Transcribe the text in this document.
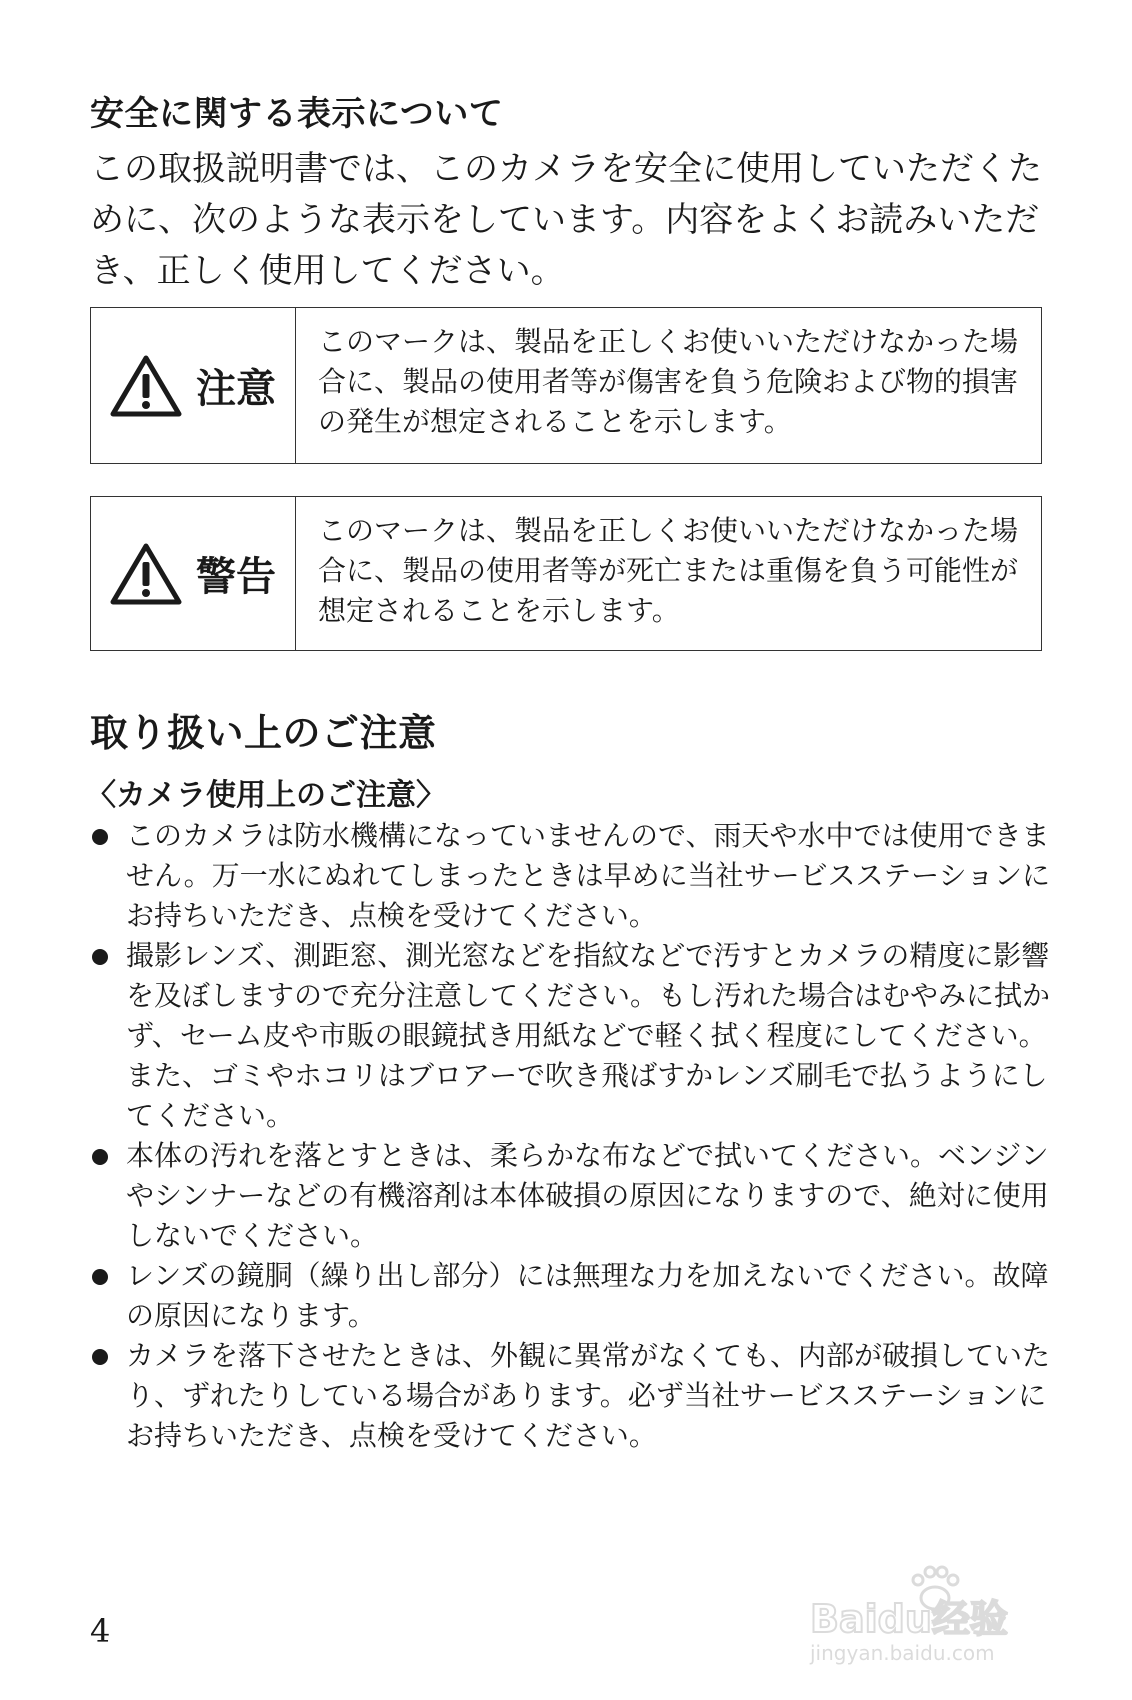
安全に関する表示について

この取扱説明書では、このカメラを安全に使用していただくために、次のような表示をしています。内容をよくお読みいただき、正しく使用してください。

注意
このマークは、製品を正しくお使いいただけなかった場合に、製品の使用者等が傷害を負う危険および物的損害の発生が想定されることを示します。
警告
このマークは、製品を正しくお使いいただけなかった場合に、製品の使用者等が死亡または重傷を負う可能性が想定されることを示します。
取り扱い上のご注意
〈カメラ使用上のご注意〉
このカメラは防水機構になっていませんので、雨天や水中では使用できません。万一水にぬれてしまったときは早めに当社サービスステーションにお持ちいただき、点検を受けてください。
撮影レンズ、測距窓、測光窓などを指紋などで汚すとカメラの精度に影響を及ぼしますので充分注意してください。もし汚れた場合はむやみに拭かず、セーム皮や市販の眼鏡拭き用紙などで軽く拭く程度にしてください。また、ゴミやホコリはブロアーで吹き飛ばすかレンズ刷毛で払うようにしてください。
本体の汚れを落とすときは、柔らかな布などで拭いてください。ベンジンやシンナーなどの有機溶剤は本体破損の原因になりますので、絶対に使用しないでください。
レンズの鏡胴（繰り出し部分）には無理な力を加えないでください。故障の原因になります。
カメラを落下させたときは、外観に異常がなくても、内部が破損していたり、ずれたりしている場合があります。必ず当社サービスステーションにお持ちいただき、点検を受けてください。
4	Baidu经验
jingyan.baidu.com
